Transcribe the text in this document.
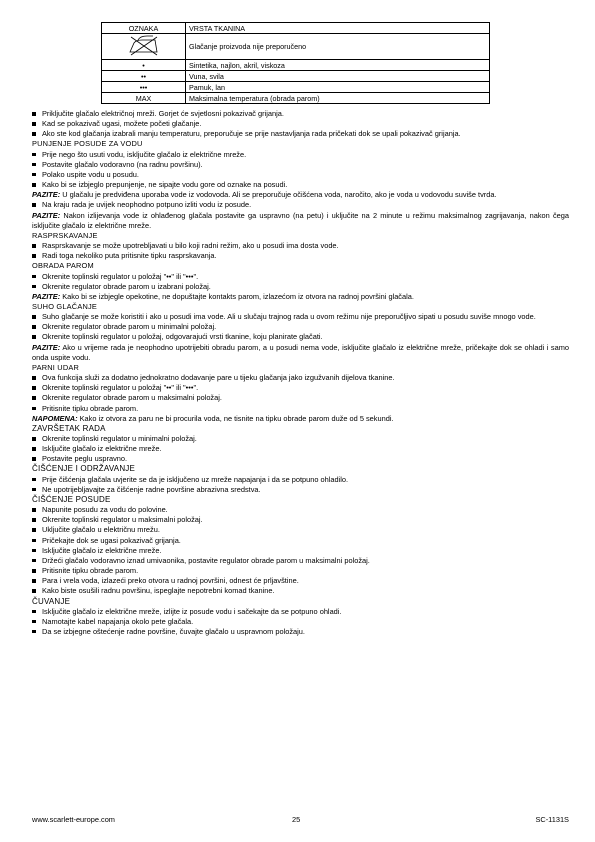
OZNAKA	VRSTA TKANINA
	Glačanje proizvoda nije preporučeno
•	Sintetika, najlon, akril, viskoza
••	Vuna, svila
•••	Pamuk, lan
MAX	Maksimalna temperatura (obrada parom)
Priključite glačalo električnoj mreži. Gorjet će svjetlosni pokazivač grijanja.
Kad se pokazivač ugasi, možete početi glačanje.
Ako ste kod glačanja izabrali manju temperaturu, preporučuje se prije nastavljanja rada pričekati dok se upali pokazivač grijanja.
PUNJENJE POSUDE ZA VODU
Prije nego što usuti vodu, isključite glačalo iz električne mreže.
Postavite glačalo vodoravno (na radnu površinu).
Polako uspite vodu u posudu.
Kako bi se izbjeglo prepunjenje, ne sipajte vodu gore od oznake na posudi.
PAZITE: U glačalu je predviđena uporaba vode iz vodovoda. Ali se preporučuje očišćena voda, naročito, ako je voda u vodovodu suviše tvrda.
Na kraju rada je uvijek neophodno potpuno izliti vodu iz posude.
PAZITE: Nakon izlijevanja vode iz ohlađenog glačala postavite ga uspravno (na petu) i uključite na 2 minute u režimu maksimalnog zagrijavanja, nakon čega isključite glačalo iz električne mreže.
RASPRSKAVANJE
Rasprskavanje se može upotrebljavati u bilo koji radni režim, ako u posudi ima dosta vode.
Radi toga nekoliko puta pritisnite tipku rasprskavanja.
OBRADA PAROM
Okrenite toplinski regulator u položaj "••" ili "•••".
Okrenite regulator obrade parom u izabrani položaj.
PAZITE: Kako bi se izbjegle opekotine, ne dopuštajte kontakts parom, izlazećom iz otvora na radnoj površini glačala.
SUHO GLAČANJE
Suho glačanje se može koristiti i ako u posudi ima vode. Ali u slučaju trajnog rada u ovom režimu nije preporučljivo sipati u posudu suviše mnogo vode.
Okrenite regulator obrade parom u minimalni položaj.
Okrenite toplinski regulator u položaj, odgovarajući vrsti tkanine, koju planirate glačati.
PAZITE: Ako u vrijeme rada je neophodno upotrijebiti obradu parom, a u posudi nema vode, isključite glačalo iz električne mreže, pričekajte dok se ohladi i samo onda uspite vodu.
PARNI UDAR
Ova funkcija služi za dodatno jednokratno dodavanje pare u tijeku glačanja jako izgužvanih dijelova tkanine.
Okrenite toplinski regulator u položaj "••" ili "•••".
Okrenite regulator obrade parom u maksimalni položaj.
Pritisnite tipku obrade parom.
NAPOMENA: Kako iz otvora za paru ne bi procurila voda, ne tisnite na tipku obrade parom duže od 5 sekundi.
ZAVRŠETAK RADA
Okrenite toplinski regulator u minimalni položaj.
Isključite glačalo iz električne mreže.
Postavite peglu uspravno.
ČIŠĆENJE I ODRŽAVANJE
Prije čišćenja glačala uvjerite se da je isključeno uz mreže napajanja i da se potpuno ohladilo.
Ne upotrijebljavajte za čišćenje radne površine abrazivna sredstva.
ČIŠĆENJE POSUDE
Napunite posudu za vodu do polovine.
Okrenite toplinski regulator u maksimalni položaj.
Uključite glačalo u električnu mrežu.
Pričekajte dok se ugasi pokazivač grijanja.
Isključite glačalo iz električne mreže.
Držeći glačalo vodoravno iznad umivaonika, postavite regulator obrade parom u maksimalni položaj.
Pritisnite tipku obrade parom.
Para i vrela voda, izlazeći preko otvora u radnoj površini, odnest će prljavštine.
Kako biste osušili radnu površinu, ispeglajte nepotrebni komad tkanine.
ČUVANJE
Isključite glačalo iz električne mreže, izlijte iz posude vodu i sačekajte da se potpuno ohladi.
Namotajte kabel napajanja okolo pete glačala.
Da se izbjegne oštećenje radne površine, čuvajte glačalo u uspravnom položaju.
www.scarlett-europe.com	25	SC-1131S
